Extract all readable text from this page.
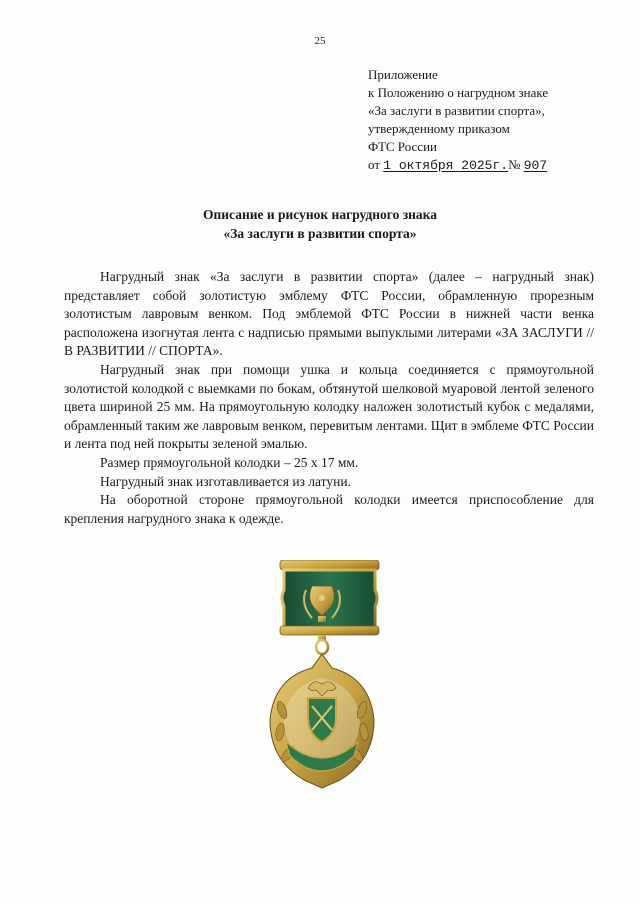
25
Приложение
к Положению о нагрудном знаке
«За заслуги в развитии спорта»,
утвержденному приказом
ФТС России
от 1 октября 2025г.№ 907
Описание и рисунок нагрудного знака
«За заслуги в развитии спорта»

Нагрудный знак «За заслуги в развитии спорта» (далее – нагрудный знак) представляет собой золотистую эмблему ФТС России, обрамленную прорезным золотистым лавровым венком. Под эмблемой ФТС России в нижней части венка расположена изогнутая лента с надписью прямыми выпуклыми литерами «ЗА ЗАСЛУГИ // В РАЗВИТИИ // СПОРТА».

Нагрудный знак при помощи ушка и кольца соединяется с прямоугольной золотистой колодкой с выемками по бокам, обтянутой шелковой муаровой лентой зеленого цвета шириной 25 мм. На прямоугольную колодку наложен золотистый кубок с медалями, обрамленный таким же лавровым венком, перевитым лентами. Щит в эмблеме ФТС России и лента под ней покрыты зеленой эмалью.

Размер прямоугольной колодки – 25 х 17 мм.

Нагрудный знак изготавливается из латуни.

На оборотной стороне прямоугольной колодки имеется приспособление для крепления нагрудного знака к одежде.
